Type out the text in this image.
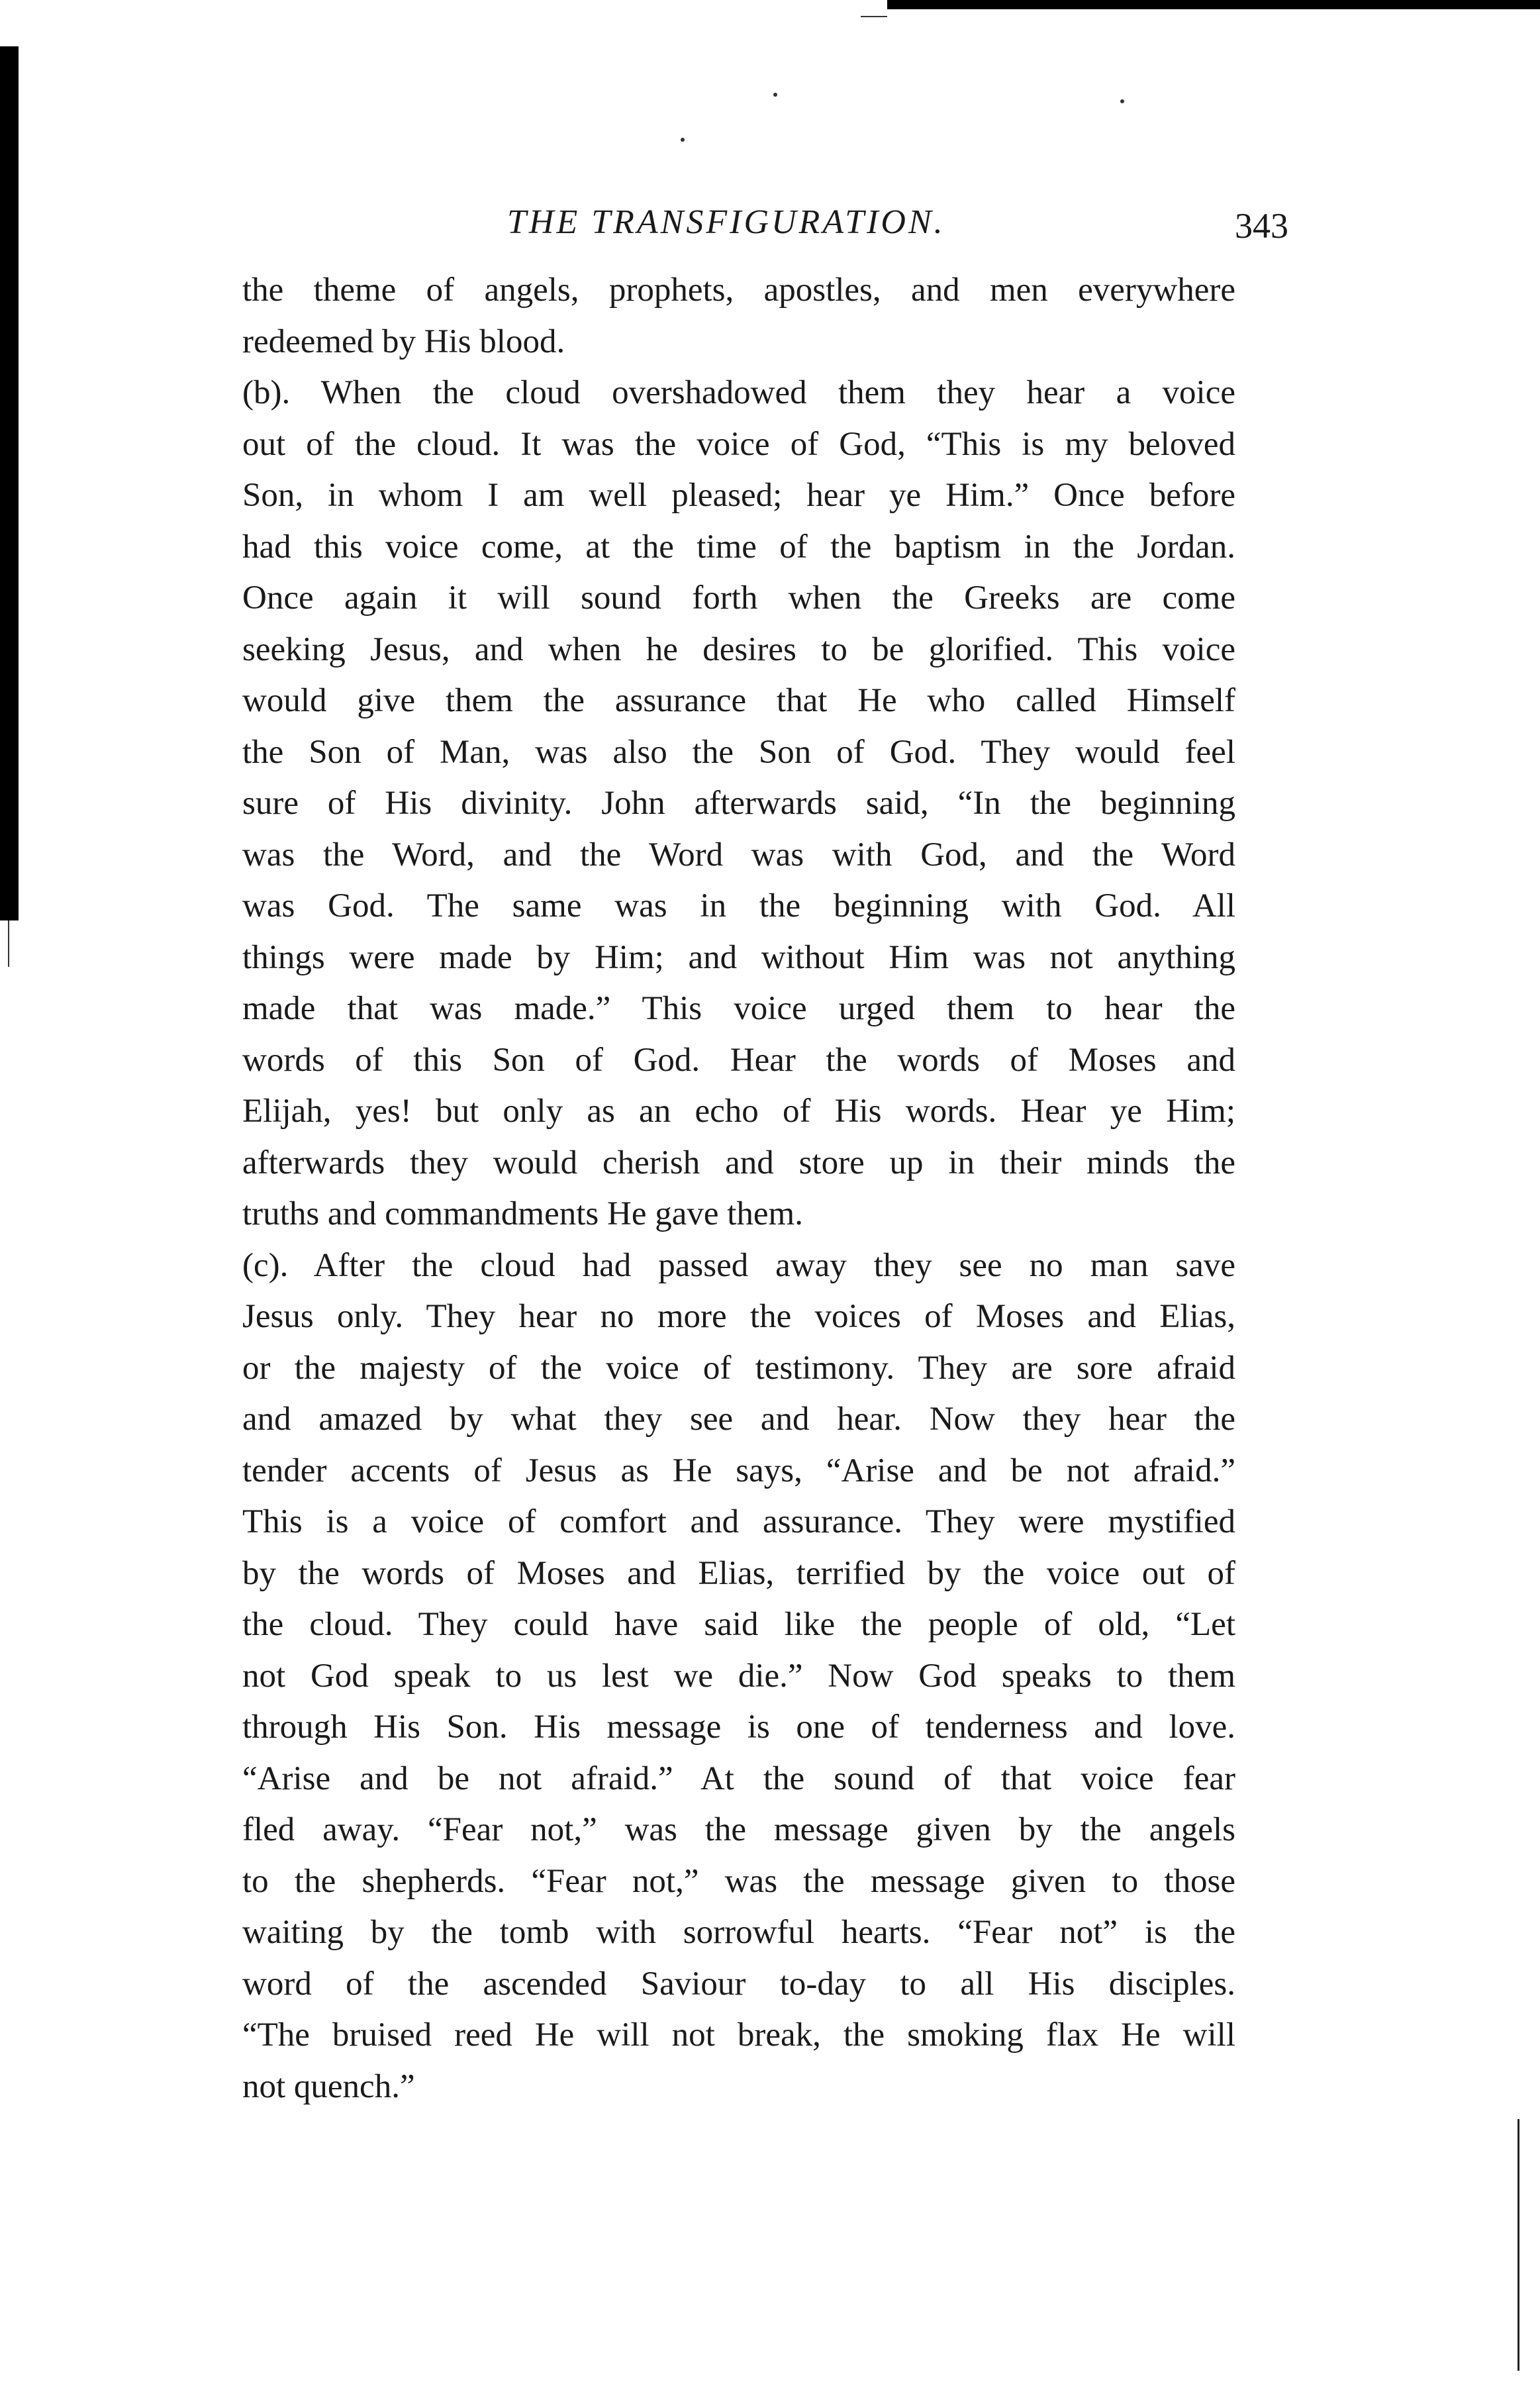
THE TRANSFIGURATION.	343
the theme of angels, prophets, apostles, and men everywhere
redeemed by His blood.
(b). When the cloud overshadowed them they hear a voice
out of the cloud. It was the voice of God, “This is my beloved
Son, in whom I am well pleased; hear ye Him.” Once before
had this voice come, at the time of the baptism in the Jordan.
Once again it will sound forth when the Greeks are come
seeking Jesus, and when he desires to be glorified. This voice
would give them the assurance that He who called Himself
the Son of Man, was also the Son of God. They would feel
sure of His divinity. John afterwards said, “In the beginning
was the Word, and the Word was with God, and the Word
was God. The same was in the beginning with God. All
things were made by Him; and without Him was not anything
made that was made.” This voice urged them to hear the
words of this Son of God. Hear the words of Moses and
Elijah, yes! but only as an echo of His words. Hear ye Him;
afterwards they would cherish and store up in their minds the
truths and commandments He gave them.
(c). After the cloud had passed away they see no man save
Jesus only. They hear no more the voices of Moses and Elias,
or the majesty of the voice of testimony. They are sore afraid
and amazed by what they see and hear. Now they hear the
tender accents of Jesus as He says, “Arise and be not afraid.”
This is a voice of comfort and assurance. They were mystified
by the words of Moses and Elias, terrified by the voice out of
the cloud. They could have said like the people of old, “Let
not God speak to us lest we die.” Now God speaks to them
through His Son. His message is one of tenderness and love.
“Arise and be not afraid.” At the sound of that voice fear
fled away. “Fear not,” was the message given by the angels
to the shepherds. “Fear not,” was the message given to those
waiting by the tomb with sorrowful hearts. “Fear not” is the
word of the ascended Saviour to-day to all His disciples.
“The bruised reed He will not break, the smoking flax He will
not quench.”
